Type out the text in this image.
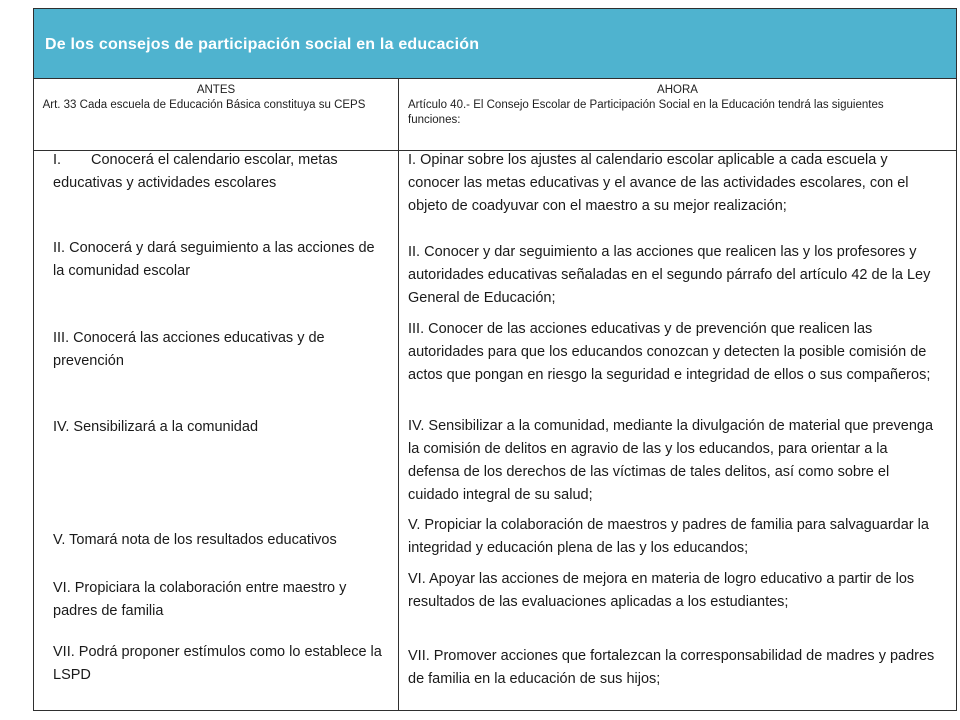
De los consejos de participación social en la educación
ANTES
Art. 33 Cada escuela de Educación Básica constituya su CEPS
AHORA
Artículo 40.- El Consejo Escolar de Participación Social en la Educación tendrá las siguientes funciones:
I. Conocerá el calendario escolar, metas educativas y actividades escolares
II. Conocerá y dará seguimiento a las acciones de la comunidad escolar
III. Conocerá las acciones educativas y de prevención
IV. Sensibilizará a la comunidad
V. Tomará nota de los resultados educativos
VI. Propiciara la colaboración entre maestro y padres de familia
VII. Podrá proponer estímulos como lo establece la LSPD
I. Opinar sobre los ajustes al calendario escolar aplicable a cada escuela y conocer las metas educativas y el avance de las actividades escolares, con el objeto de coadyuvar con el maestro a su mejor realización;
II. Conocer y dar seguimiento a las acciones que realicen las y los profesores y autoridades educativas señaladas en el segundo párrafo del artículo 42 de la Ley General de Educación;
III. Conocer de las acciones educativas y de prevención que realicen las autoridades para que los educandos conozcan y detecten la posible comisión de actos que pongan en riesgo la seguridad e integridad de ellos o sus compañeros;
IV. Sensibilizar a la comunidad, mediante la divulgación de material que prevenga la comisión de delitos en agravio de las y los educandos, para orientar a la defensa de los derechos de las víctimas de tales delitos, así como sobre el cuidado integral de su salud;
V. Propiciar la colaboración de maestros y padres de familia para salvaguardar la integridad y educación plena de las y los educandos;
VI. Apoyar las acciones de mejora en materia de logro educativo a partir de los resultados de las evaluaciones aplicadas a los estudiantes;
VII. Promover acciones que fortalezcan la corresponsabilidad de madres y padres de familia en la educación de sus hijos;
